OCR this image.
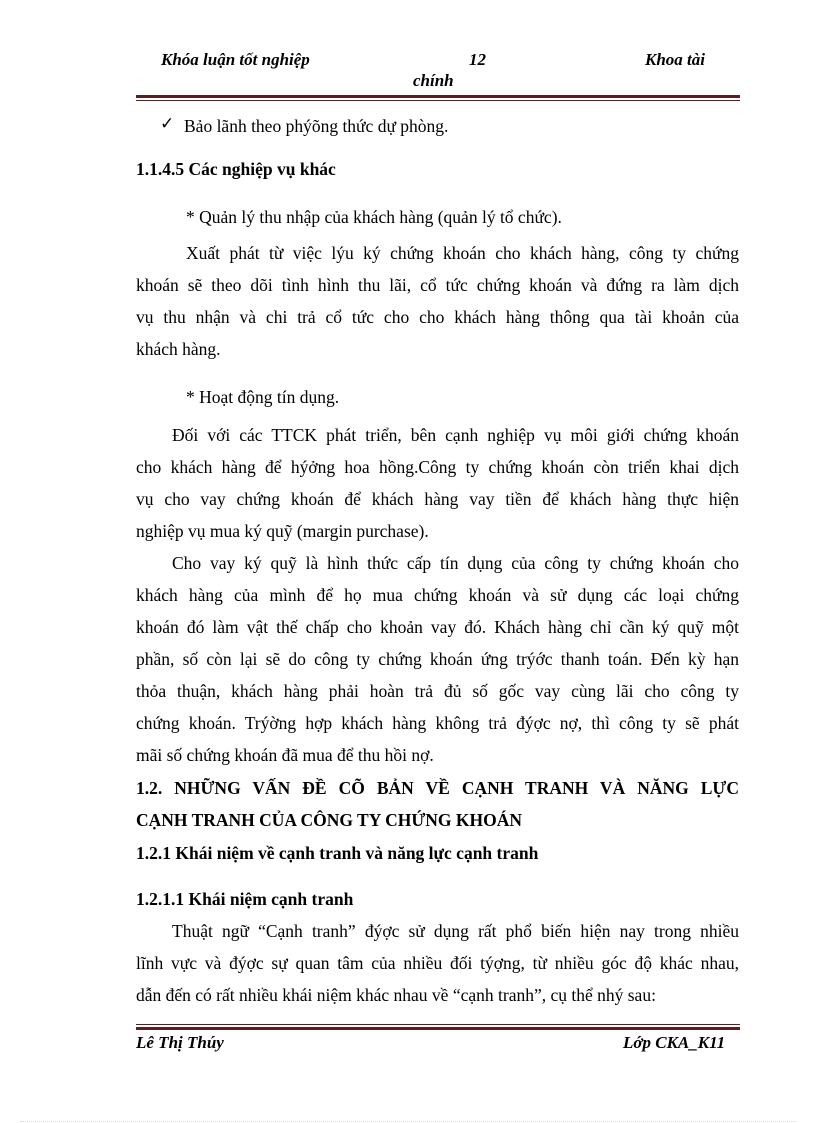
Khóa luận tốt nghiệp	12	Khoa tài
chính
✓ Bảo lãnh theo phýõng thức dự phòng.
1.1.4.5 Các nghiệp vụ khác
* Quản lý thu nhập của khách hàng (quản lý tổ chức).
Xuất phát từ việc lýu ký chứng khoán cho khách hàng, công ty chứng
khoán sẽ theo dõi tình hình thu lãi, cổ tức chứng khoán và đứng ra làm dịch
vụ thu nhận và chi trả cổ tức cho cho khách hàng thông qua tài khoản của
khách hàng.
* Hoạt động tín dụng.
Đối với các TTCK phát triển, bên cạnh nghiệp vụ môi giới chứng khoán
cho khách hàng để hýởng hoa hồng.Công ty chứng khoán còn triển khai dịch
vụ cho vay chứng khoán để khách hàng vay tiền để khách hàng thực hiện
nghiệp vụ mua ký quỹ (margin purchase).
Cho vay ký quỹ là hình thức cấp tín dụng của công ty chứng khoán cho
khách hàng của mình để họ mua chứng khoán và sử dụng các loại chứng
khoán đó làm vật thế chấp cho khoản vay đó. Khách hàng chỉ cần ký quỹ một
phần, số còn lại sẽ do công ty chứng khoán ứng trýớc thanh toán. Đến kỳ hạn
thỏa thuận, khách hàng phải hoàn trả đủ số gốc vay cùng lãi cho công ty
chứng khoán. Trýờng hợp khách hàng không trả đýợc nợ, thì công ty sẽ phát
mãi số chứng khoán đã mua để thu hồi nợ.
1.2. NHỮNG VẤN ĐỀ CÕ BẢN VỀ CẠNH TRANH VÀ NĂNG LỰC
CẠNH TRANH CỦA CÔNG TY CHỨNG KHOÁN
1.2.1 Khái niệm về cạnh tranh và năng lực cạnh tranh
1.2.1.1 Khái niệm cạnh tranh
Thuật ngữ “Cạnh tranh” đýợc sử dụng rất phổ biến hiện nay trong nhiều
lĩnh vực và đýợc sự quan tâm của nhiều đối týợng, từ nhiều góc độ khác nhau,
dẫn đến có rất nhiều khái niệm khác nhau về “cạnh tranh”, cụ thể nhý sau:
Lê Thị Thúy	Lớp CKA_K11
